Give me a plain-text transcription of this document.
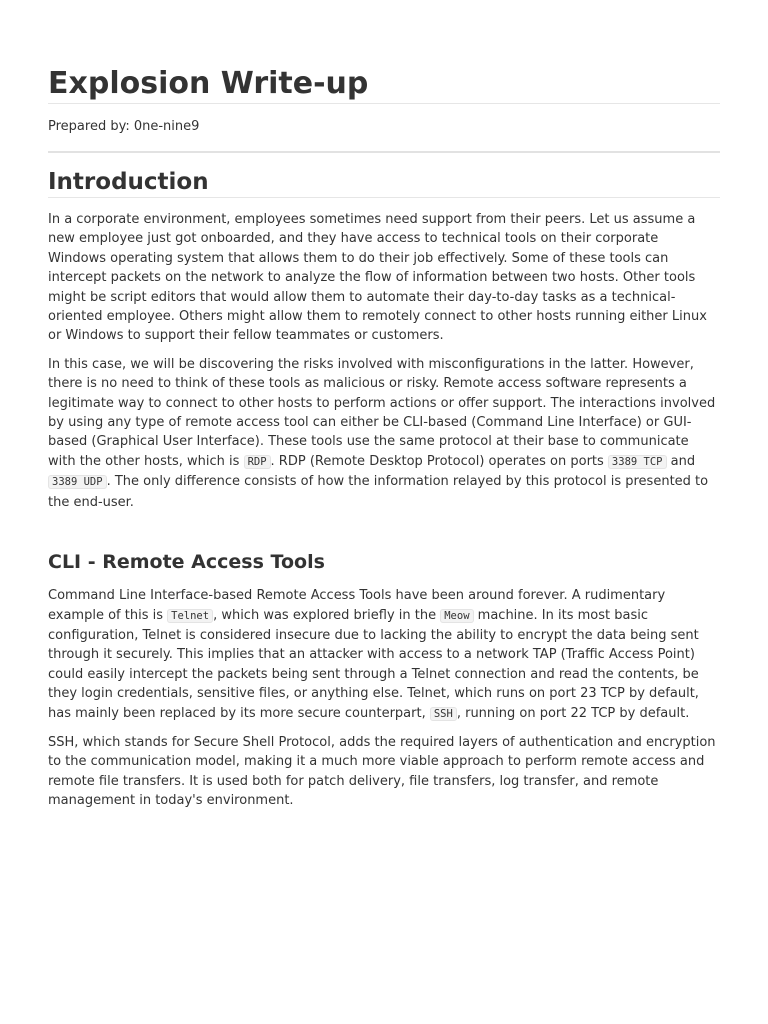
Explosion Write-up
Prepared by: 0ne-nine9
Introduction

In a corporate environment, employees sometimes need support from their peers. Let us assume a new employee just got onboarded, and they have access to technical tools on their corporate Windows operating system that allows them to do their job effectively. Some of these tools can intercept packets on the network to analyze the flow of information between two hosts. Other tools might be script editors that would allow them to automate their day-to-day tasks as a technical-oriented employee. Others might allow them to remotely connect to other hosts running either Linux or Windows to support their fellow teammates or customers.

In this case, we will be discovering the risks involved with misconfigurations in the latter. However, there is no need to think of these tools as malicious or risky. Remote access software represents a legitimate way to connect to other hosts to perform actions or offer support. The interactions involved by using any type of remote access tool can either be CLI-based (Command Line Interface) or GUI-based (Graphical User Interface). These tools use the same protocol at their base to communicate with the other hosts, which is RDP . RDP (Remote Desktop Protocol) operates on ports 3389 TCP and 3389 UDP . The only difference consists of how the information relayed by this protocol is presented to the end-user.

CLI - Remote Access Tools

Command Line Interface-based Remote Access Tools have been around forever. A rudimentary example of this is Telnet , which was explored briefly in the Meow machine. In its most basic configuration, Telnet is considered insecure due to lacking the ability to encrypt the data being sent through it securely. This implies that an attacker with access to a network TAP (Traffic Access Point) could easily intercept the packets being sent through a Telnet connection and read the contents, be they login credentials, sensitive files, or anything else. Telnet, which runs on port 23 TCP by default, has mainly been replaced by its more secure counterpart, SSH , running on port 22 TCP by default.

SSH, which stands for Secure Shell Protocol, adds the required layers of authentication and encryption to the communication model, making it a much more viable approach to perform remote access and remote file transfers. It is used both for patch delivery, file transfers, log transfer, and remote management in today's environment.
